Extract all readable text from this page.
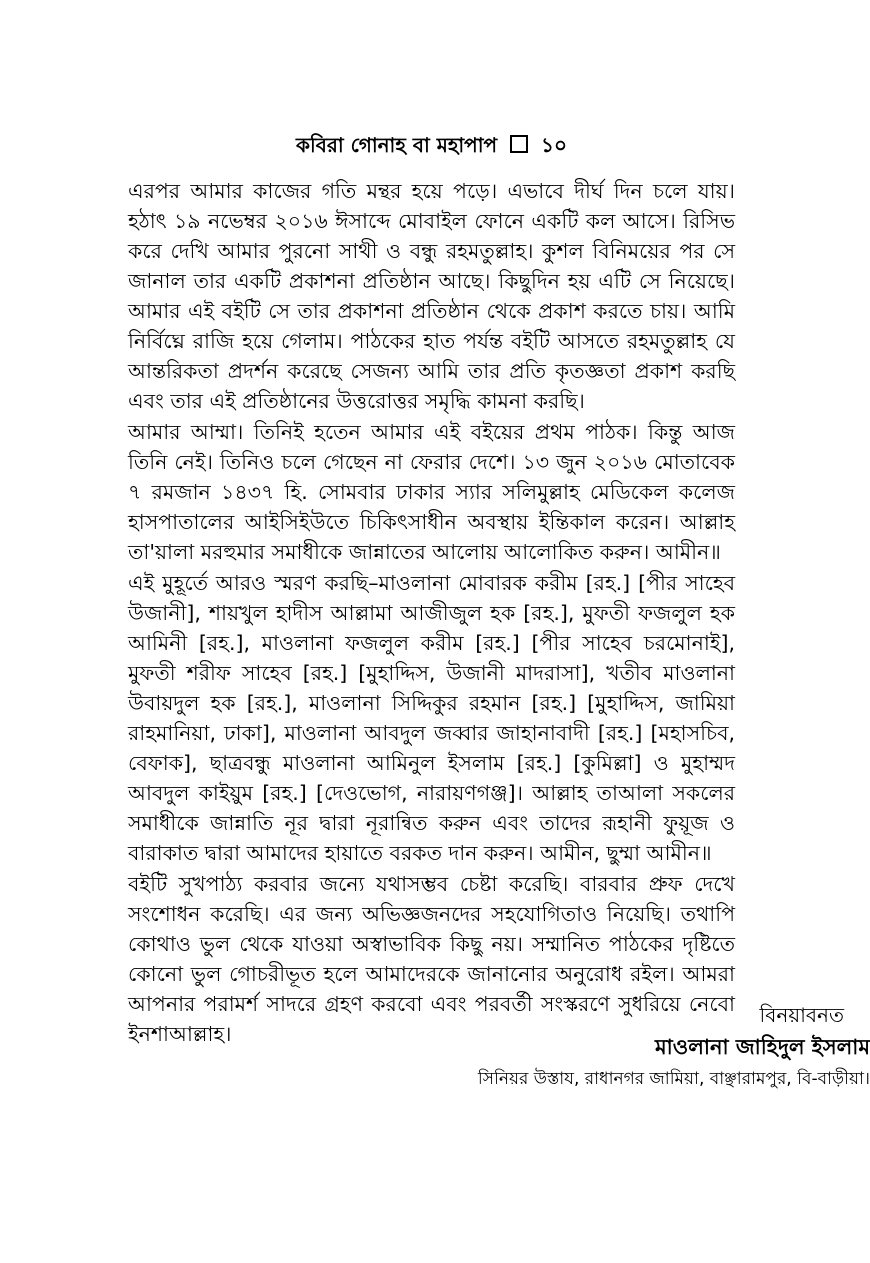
কবিরা গোনাহ বা মহাপাপ ১০

এরপর আমার কাজের গতি মন্থর হয়ে পড়ে। এভাবে দীর্ঘ দিন চলে যায়। হঠাৎ ১৯ নভেম্বর ২০১৬ ঈসাব্দে মোবাইল ফোনে একটি কল আসে। রিসিভ করে দেখি আমার পুরনো সাথী ও বন্ধু রহমতুল্লাহ। কুশল বিনিময়ের পর সে জানাল তার একটি প্রকাশনা প্রতিষ্ঠান আছে। কিছুদিন হয় এটি সে নিয়েছে। আমার এই বইটি সে তার প্রকাশনা প্রতিষ্ঠান থেকে প্রকাশ করতে চায়। আমি নির্বিঘ্নে রাজি হয়ে গেলাম। পাঠকের হাত পর্যন্ত বইটি আসতে রহমতুল্লাহ যে আন্তরিকতা প্রদর্শন করেছে সেজন্য আমি তার প্রতি কৃতজ্ঞতা প্রকাশ করছি এবং তার এই প্রতিষ্ঠানের উত্তরোত্তর সমৃদ্ধি কামনা করছি।

আমার আম্মা। তিনিই হতেন আমার এই বইয়ের প্রথম পাঠক। কিন্তু আজ তিনি নেই। তিনিও চলে গেছেন না ফেরার দেশে। ১৩ জুন ২০১৬ মোতাবেক ৭ রমজান ১৪৩৭ হি. সোমবার ঢাকার স্যার সলিমুল্লাহ মেডিকেল কলেজ হাসপাতালের আইসিইউতে চিকিৎসাধীন অবস্থায় ইন্তিকাল করেন। আল্লাহ তা'য়ালা মরহুমার সমাধীকে জান্নাতের আলোয় আলোকিত করুন। আমীন॥

এই মুহূর্তে আরও স্মরণ করছি–মাওলানা মোবারক করীম [রহ.] [পীর সাহেব উজানী], শায়খুল হাদীস আল্লামা আজীজুল হক [রহ.], মুফতী ফজলুল হক আমিনী [রহ.], মাওলানা ফজলুল করীম [রহ.] [পীর সাহেব চরমোনাই], মুফতী শরীফ সাহেব [রহ.] [মুহাদ্দিস, উজানী মাদরাসা], খতীব মাওলানা উবায়দুল হক [রহ.], মাওলানা সিদ্দিকুর রহমান [রহ.] [মুহাদ্দিস, জামিয়া রাহমানিয়া, ঢাকা], মাওলানা আবদুল জব্বার জাহানাবাদী [রহ.] [মহাসচিব, বেফাক], ছাত্রবন্ধু মাওলানা আমিনুল ইসলাম [রহ.] [কুমিল্লা] ও মুহাম্মদ আবদুল কাইয়ুম [রহ.] [দেওভোগ, নারায়ণগঞ্জ]। আল্লাহ তাআলা সকলের সমাধীকে জান্নাতি নূর দ্বারা নূরান্বিত করুন এবং তাদের রূহানী ফুয়ূজ ও বারাকাত দ্বারা আমাদের হায়াতে বরকত দান করুন। আমীন, ছুম্মা আমীন॥

বইটি সুখপাঠ্য করবার জন্যে যথাসম্ভব চেষ্টা করেছি। বারবার প্রুফ দেখে সংশোধন করেছি। এর জন্য অভিজ্ঞজনদের সহযোগিতাও নিয়েছি। তথাপি কোথাও ভুল থেকে যাওয়া অস্বাভাবিক কিছু নয়। সম্মানিত পাঠকের দৃষ্টিতে কোনো ভুল গোচরীভূত হলে আমাদেরকে জানানোর অনুরোধ রইল। আমরা আপনার পরামর্শ সাদরে গ্রহণ করবো এবং পরবর্তী সংস্করণে সুধরিয়ে নেবো ইনশাআল্লাহ।

বিনয়াবনত
মাওলানা জাহিদুল ইসলাম
সিনিয়র উস্তায, রাধানগর জামিয়া, বাঞ্ছারামপুর, বি-বাড়ীয়া।
